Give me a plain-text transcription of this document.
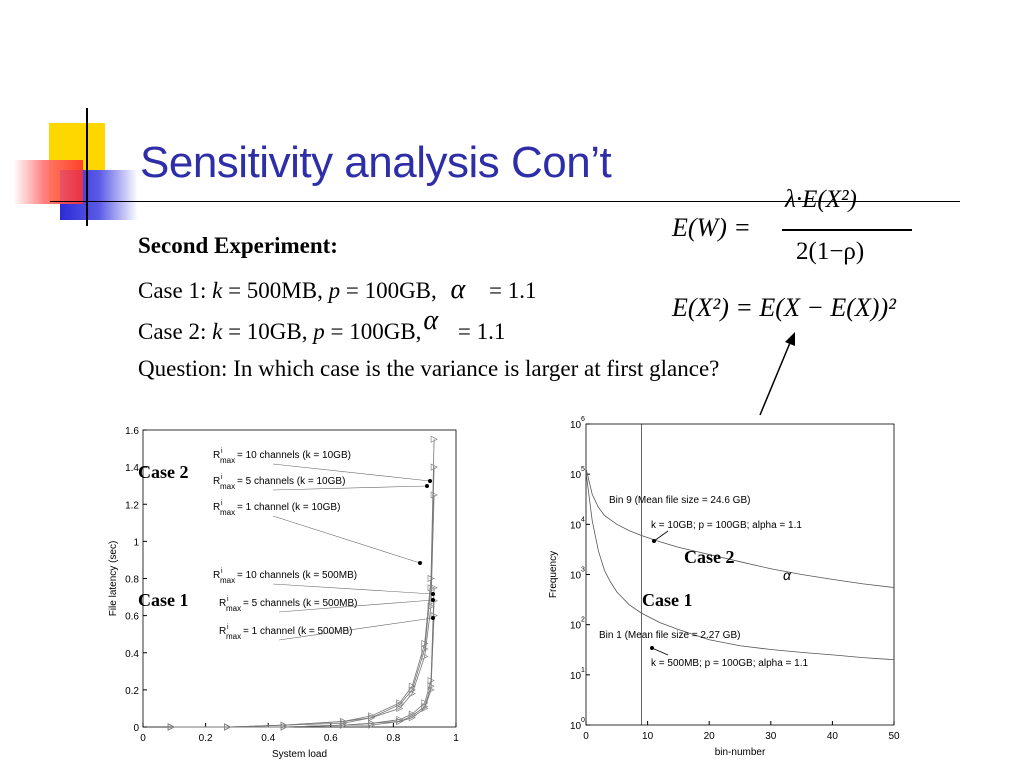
Sensitivity analysis Con’t
Second Experiment:
Case 1: k = 500MB, p = 100GB, α = 1.1
Case 2: k = 10GB, p = 100GB,α = 1.1
Question: In which case is the variance is larger at first glance?
E(W) =
λ·E(X²)
2(1−ρ)
E(X²) = E(X − E(X))²
0	0.2	0.4	0.6	0.8	1
0
0.2
0.4
0.6
0.8
1
1.2
1.4
1.6
System load
File latency (sec)
R i
max = 10 channels (k = 10GB)
R i
max = 5 channels (k = 10GB)
R i
max = 1 channel (k = 10GB)
R i
max = 10 channels (k = 500MB)
R i
max = 5 channels (k = 500MB)
R i
max = 1 channel (k = 500MB)
Case 2
Case 1
0	10	20	30	40	50
10
0
10
1
10
2
10
3
10
4
10
5
10
6
bin-number
Frequency
Bin 9 (Mean file size = 24.6 GB)
k = 10GB; p = 100GB; alpha = 1.1
Bin 1 (Mean file size = 2.27 GB)
k = 500MB; p = 100GB; alpha = 1.1
Case 2
Case 1
α
